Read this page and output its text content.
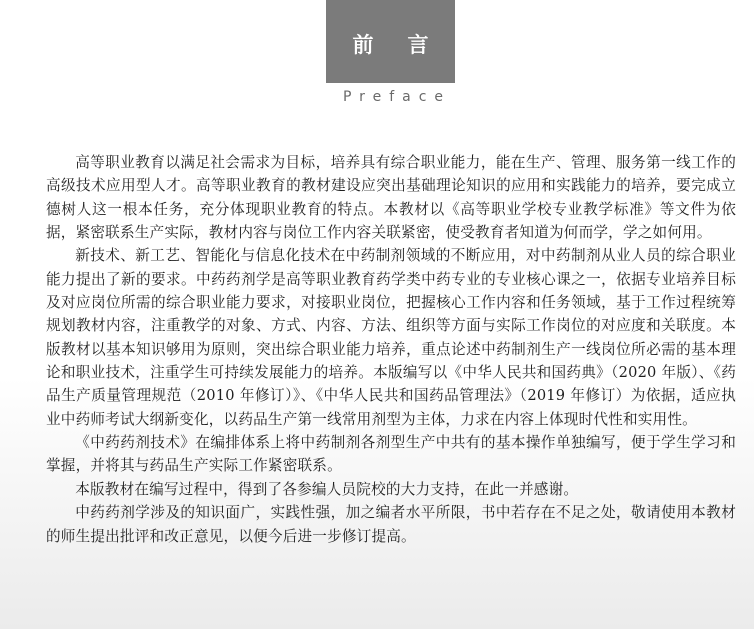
前言
Preface

高等职业教育以满足社会需求为目标，培养具有综合职业能力，能在生产、管理、服务第一线工作的高级技术应用型人才。高等职业教育的教材建设应突出基础理论知识的应用和实践能力的培养，要完成立德树人这一根本任务，充分体现职业教育的特点。本教材以《高等职业学校专业教学标准》等文件为依据，紧密联系生产实际，教材内容与岗位工作内容关联紧密，使受教育者知道为何而学，学之如何用。

新技术、新工艺、智能化与信息化技术在中药制剂领域的不断应用，对中药制剂从业人员的综合职业能力提出了新的要求。中药药剂学是高等职业教育药学类中药专业的专业核心课之一，依据专业培养目标及对应岗位所需的综合职业能力要求，对接职业岗位，把握核心工作内容和任务领域，基于工作过程统筹规划教材内容，注重教学的对象、方式、内容、方法、组织等方面与实际工作岗位的对应度和关联度。本版教材以基本知识够用为原则，突出综合职业能力培养，重点论述中药制剂生产一线岗位所必需的基本理论和职业技术，注重学生可持续发展能力的培养。本版编写以《中华人民共和国药典》（2020 年版）、《药品生产质量管理规范（2010 年修订）》、《中华人民共和国药品管理法》（2019 年修订）为依据，适应执业中药师考试大纲新变化，以药品生产第一线常用剂型为主体，力求在内容上体现时代性和实用性。

《中药药剂技术》在编排体系上将中药制剂各剂型生产中共有的基本操作单独编写，便于学生学习和掌握，并将其与药品生产实际工作紧密联系。

本版教材在编写过程中，得到了各参编人员院校的大力支持，在此一并感谢。

中药药剂学涉及的知识面广，实践性强，加之编者水平所限，书中若存在不足之处，敬请使用本教材的师生提出批评和改正意见，以便今后进一步修订提高。
